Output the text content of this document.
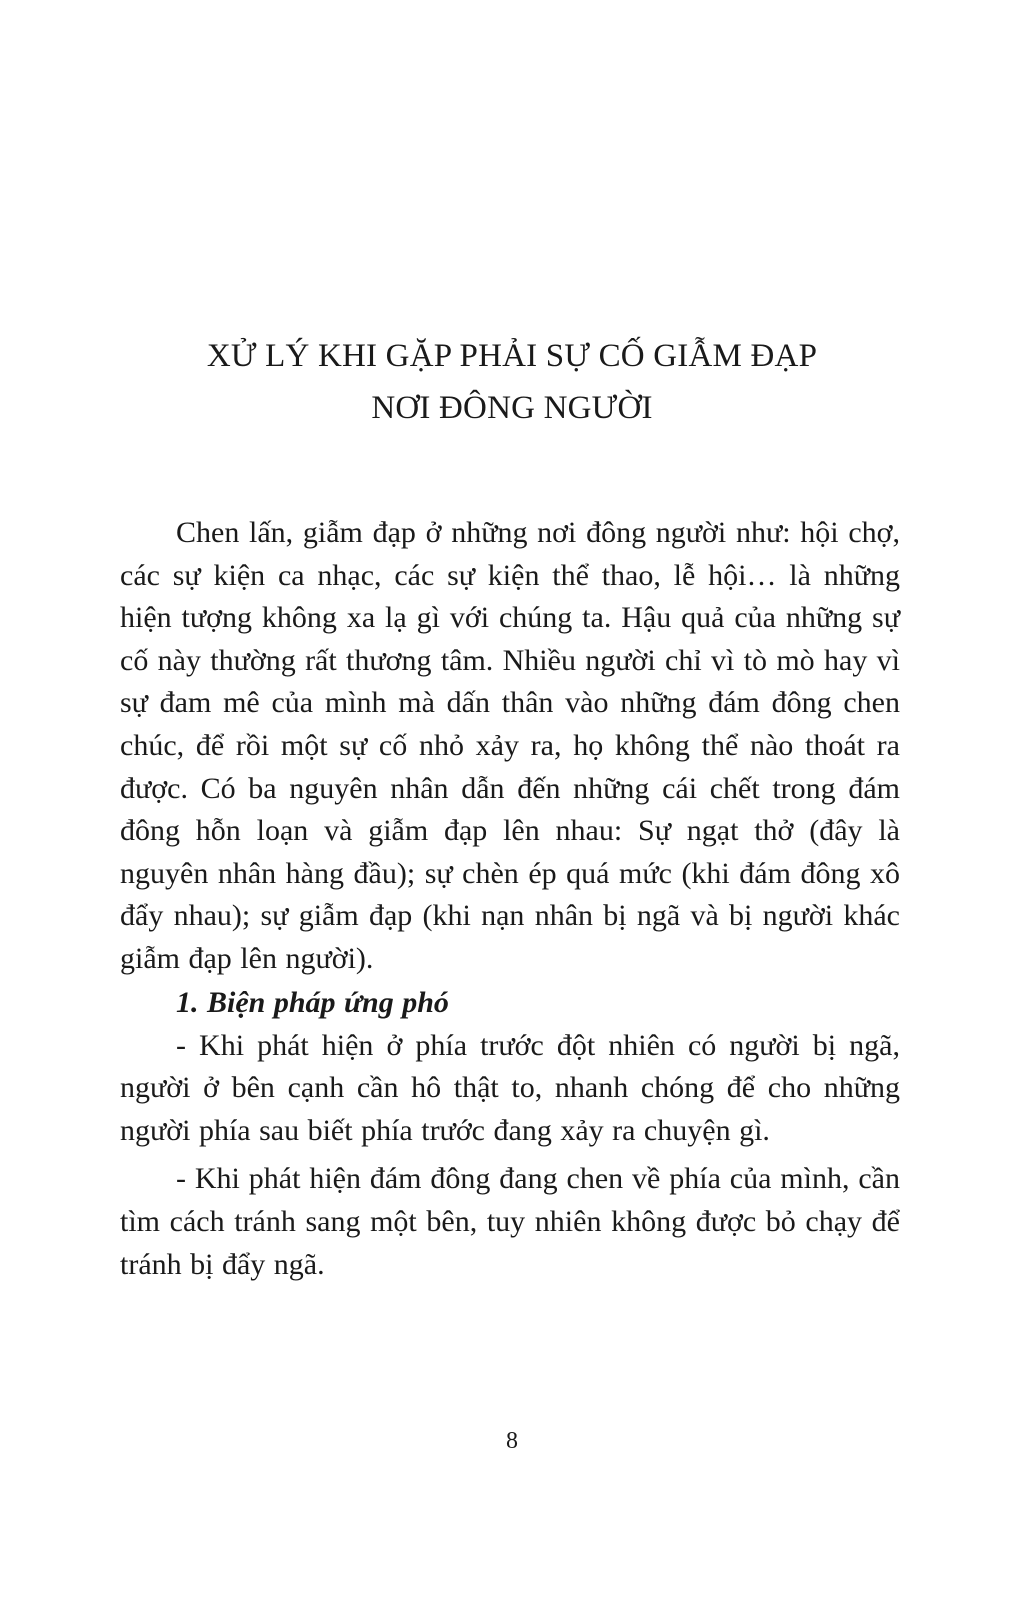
XỬ LÝ KHI GẶP PHẢI SỰ CỐ GIẪM ĐẠP
NƠI ĐÔNG NGƯỜI

Chen lấn, giẫm đạp ở những nơi đông người như: hội chợ, các sự kiện ca nhạc, các sự kiện thể thao, lễ hội… là những hiện tượng không xa lạ gì với chúng ta. Hậu quả của những sự cố này thường rất thương tâm. Nhiều người chỉ vì tò mò hay vì sự đam mê của mình mà dấn thân vào những đám đông chen chúc, để rồi một sự cố nhỏ xảy ra, họ không thể nào thoát ra được. Có ba nguyên nhân dẫn đến những cái chết trong đám đông hỗn loạn và giẫm đạp lên nhau: Sự ngạt thở (đây là nguyên nhân hàng đầu); sự chèn ép quá mức (khi đám đông xô đẩy nhau); sự giẫm đạp (khi nạn nhân bị ngã và bị người khác giẫm đạp lên người).

1. Biện pháp ứng phó

- Khi phát hiện ở phía trước đột nhiên có người bị ngã, người ở bên cạnh cần hô thật to, nhanh chóng để cho những người phía sau biết phía trước đang xảy ra chuyện gì.

- Khi phát hiện đám đông đang chen về phía của mình, cần tìm cách tránh sang một bên, tuy nhiên không được bỏ chạy để tránh bị đẩy ngã.

8
